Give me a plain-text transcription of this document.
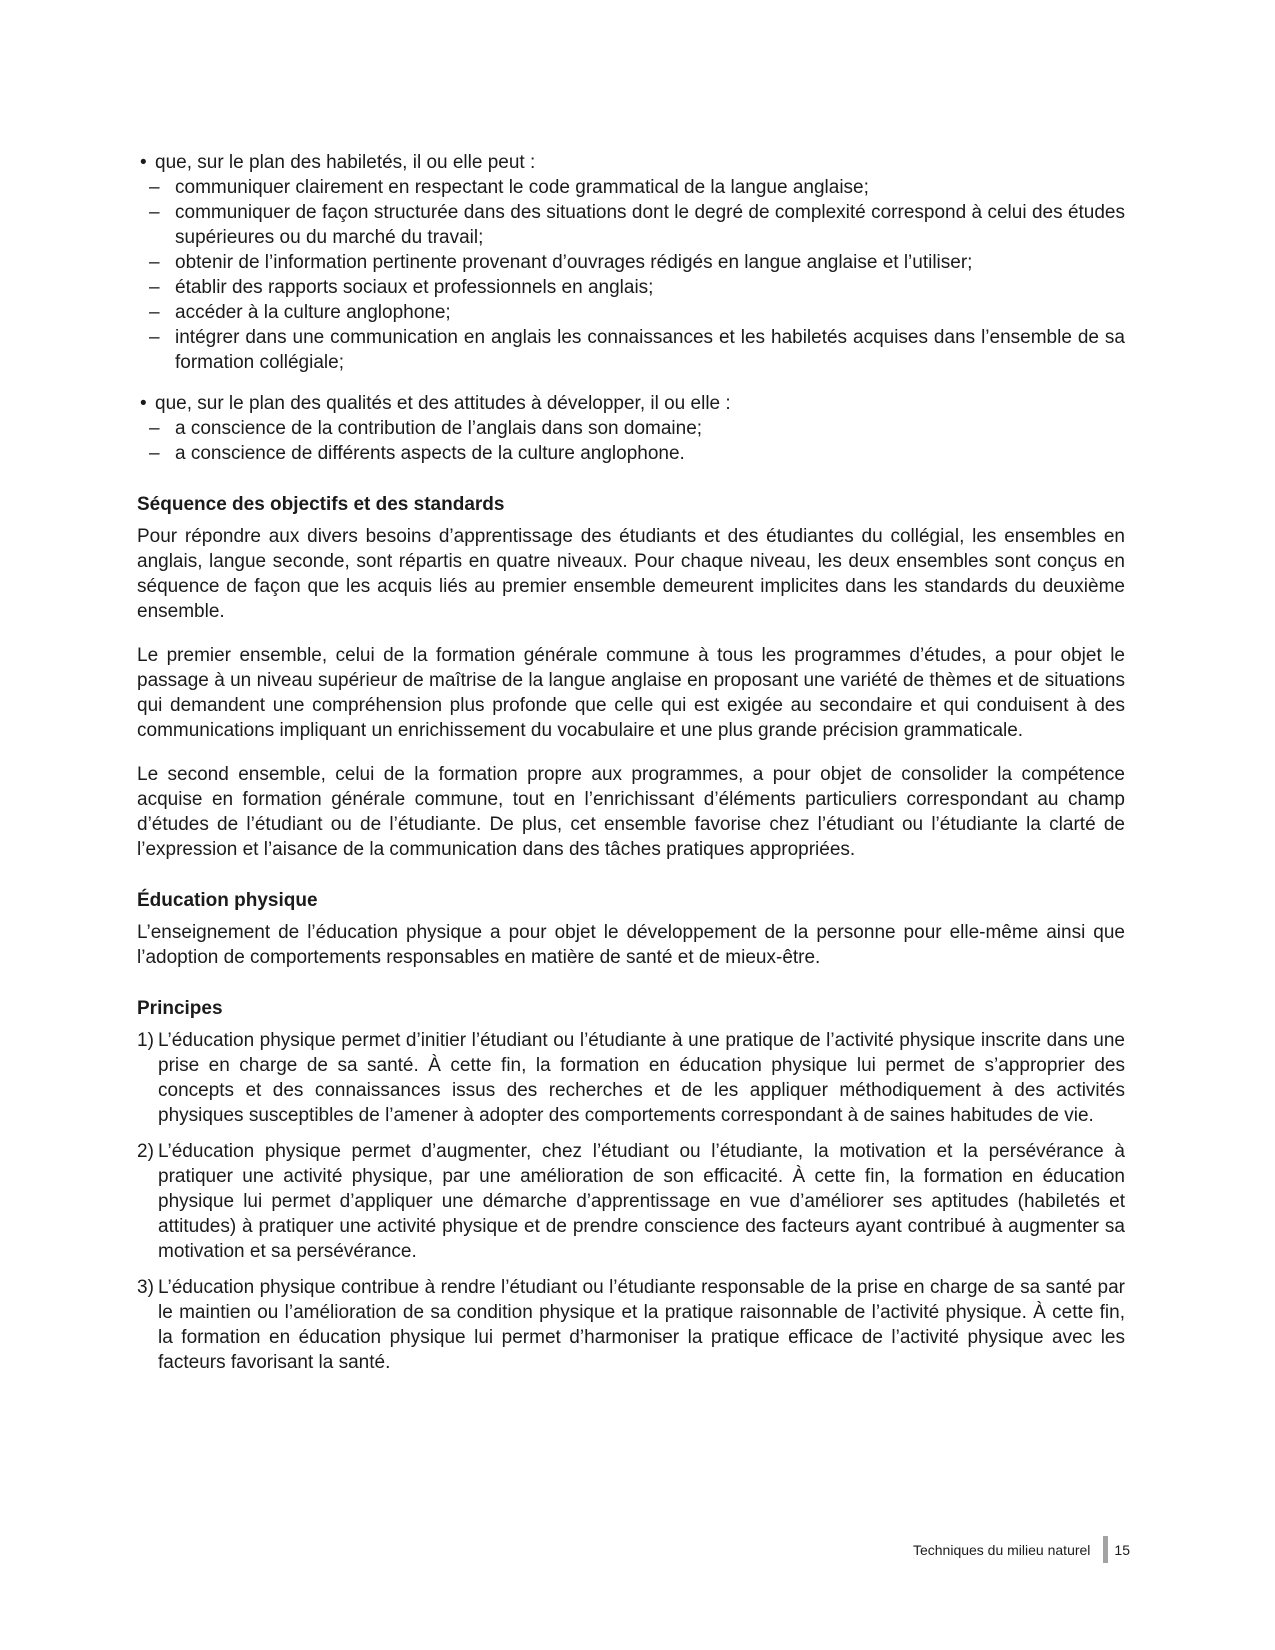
• que, sur le plan des habiletés, il ou elle peut :

– communiquer clairement en respectant le code grammatical de la langue anglaise;

– communiquer de façon structurée dans des situations dont le degré de complexité correspond à celui des études supérieures ou du marché du travail;

– obtenir de l’information pertinente provenant d’ouvrages rédigés en langue anglaise et l’utiliser;

– établir des rapports sociaux et professionnels en anglais;

– accéder à la culture anglophone;

– intégrer dans une communication en anglais les connaissances et les habiletés acquises dans l’ensemble de sa formation collégiale;

• que, sur le plan des qualités et des attitudes à développer, il ou elle :

– a conscience de la contribution de l’anglais dans son domaine;

– a conscience de différents aspects de la culture anglophone.

Séquence des objectifs et des standards

Pour répondre aux divers besoins d’apprentissage des étudiants et des étudiantes du collégial, les ensembles en anglais, langue seconde, sont répartis en quatre niveaux. Pour chaque niveau, les deux ensembles sont conçus en séquence de façon que les acquis liés au premier ensemble demeurent implicites dans les standards du deuxième ensemble.

Le premier ensemble, celui de la formation générale commune à tous les programmes d’études, a pour objet le passage à un niveau supérieur de maîtrise de la langue anglaise en proposant une variété de thèmes et de situations qui demandent une compréhension plus profonde que celle qui est exigée au secondaire et qui conduisent à des communications impliquant un enrichissement du vocabulaire et une plus grande précision grammaticale.

Le second ensemble, celui de la formation propre aux programmes, a pour objet de consolider la compétence acquise en formation générale commune, tout en l’enrichissant d’éléments particuliers correspondant au champ d’études de l’étudiant ou de l’étudiante. De plus, cet ensemble favorise chez l’étudiant ou l’étudiante la clarté de l’expression et l’aisance de la communication dans des tâches pratiques appropriées.

Éducation physique

L’enseignement de l’éducation physique a pour objet le développement de la personne pour elle-même ainsi que l’adoption de comportements responsables en matière de santé et de mieux-être.

Principes
1) L’éducation physique permet d’initier l’étudiant ou l’étudiante à une pratique de l’activité physique inscrite dans une prise en charge de sa santé. À cette fin, la formation en éducation physique lui permet de s’approprier des concepts et des connaissances issus des recherches et de les appliquer méthodiquement à des activités physiques susceptibles de l’amener à adopter des comportements correspondant à de saines habitudes de vie.

2) L’éducation physique permet d’augmenter, chez l’étudiant ou l’étudiante, la motivation et la persévérance à pratiquer une activité physique, par une amélioration de son efficacité. À cette fin, la formation en éducation physique lui permet d’appliquer une démarche d’apprentissage en vue d’améliorer ses aptitudes (habiletés et attitudes) à pratiquer une activité physique et de prendre conscience des facteurs ayant contribué à augmenter sa motivation et sa persévérance.

3) L’éducation physique contribue à rendre l’étudiant ou l’étudiante responsable de la prise en charge de sa santé par le maintien ou l’amélioration de sa condition physique et la pratique raisonnable de l’activité physique. À cette fin, la formation en éducation physique lui permet d’harmoniser la pratique efficace de l’activité physique avec les facteurs favorisant la santé.

Techniques du milieu naturel 15
